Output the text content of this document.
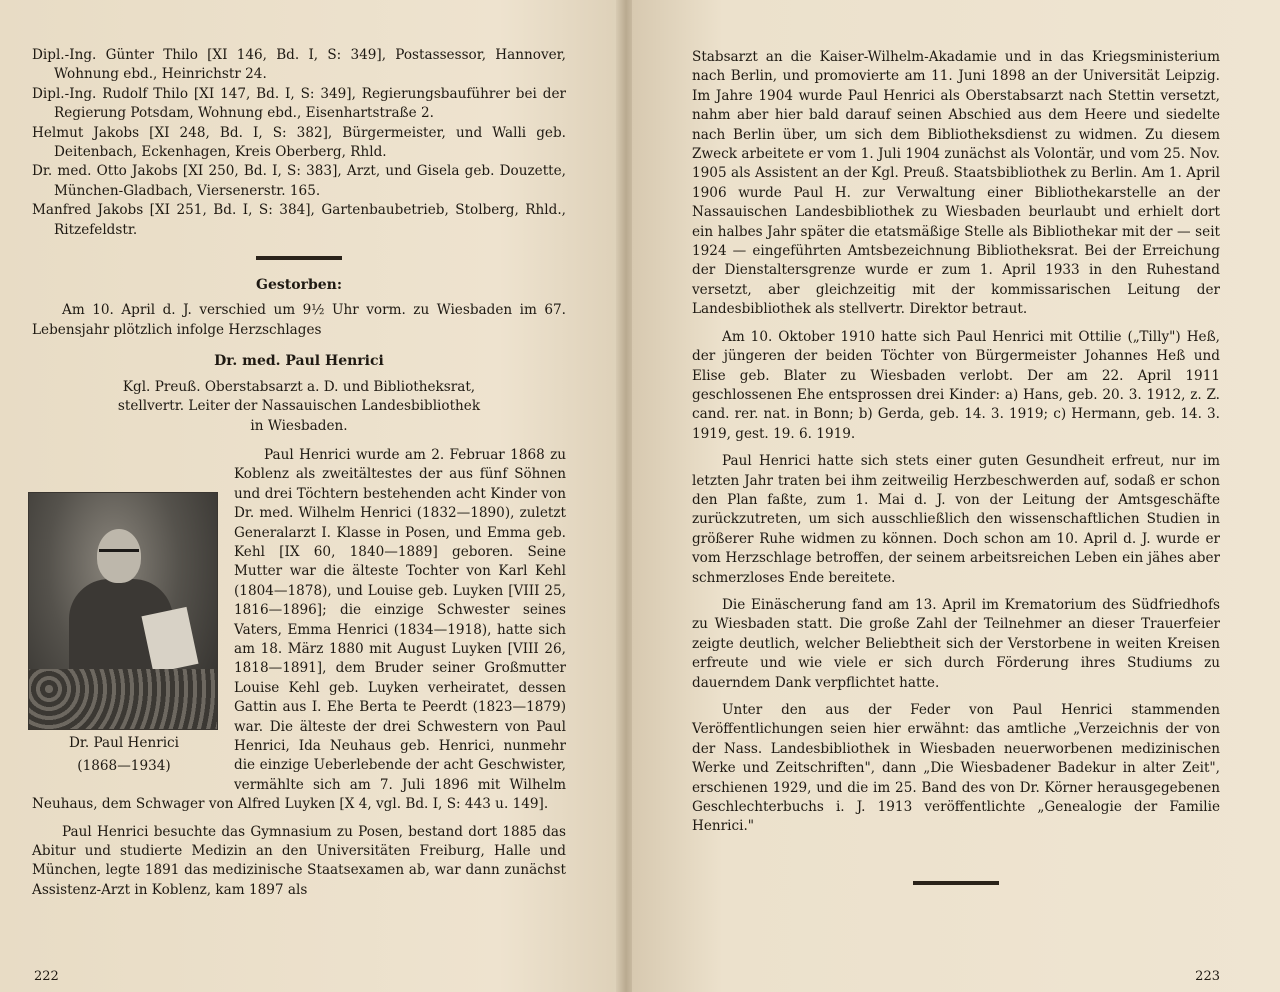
Dipl.-Ing. Günter Thilo [XI 146, Bd. I, S: 349], Postassessor, Hannover, Wohnung ebd., Heinrichstr 24.

Dipl.-Ing. Rudolf Thilo [XI 147, Bd. I, S: 349], Regierungsbauführer bei der Regierung Potsdam, Wohnung ebd., Eisenhartstraße 2.

Helmut Jakobs [XI 248, Bd. I, S: 382], Bürgermeister, und Walli geb. Deitenbach, Eckenhagen, Kreis Oberberg, Rhld.

Dr. med. Otto Jakobs [XI 250, Bd. I, S: 383], Arzt, und Gisela geb. Douzette, München-Gladbach, Viersenerstr. 165.

Manfred Jakobs [XI 251, Bd. I, S: 384], Gartenbaubetrieb, Stolberg, Rhld., Ritzefeldstr.

Gestorben:

Am 10. April d. J. verschied um 9½ Uhr vorm. zu Wiesbaden im 67. Lebensjahr plötzlich infolge Herzschlages

Dr. med. Paul Henrici

Kgl. Preuß. Oberstabsarzt a. D. und Bibliotheksrat,

stellvertr. Leiter der Nassauischen Landesbibliothek

in Wiesbaden.

Dr. Paul Henrici

(1868—1934)

Paul Henrici wurde am 2. Februar 1868 zu Koblenz als zweitältestes der aus fünf Söhnen und drei Töchtern bestehenden acht Kinder von Dr. med. Wilhelm Henrici (1832—1890), zuletzt Generalarzt I. Klasse in Posen, und Emma geb. Kehl [IX 60, 1840—1889] geboren. Seine Mutter war die älteste Tochter von Karl Kehl (1804—1878), und Louise geb. Luyken [VIII 25, 1816—1896]; die einzige Schwester seines Vaters, Emma Henrici (1834—1918), hatte sich am 18. März 1880 mit August Luyken [VIII 26, 1818—1891], dem Bruder seiner Großmutter Louise Kehl geb. Luyken verheiratet, dessen Gattin aus I. Ehe Berta te Peerdt (1823—1879) war. Die älteste der drei Schwestern von Paul Henrici, Ida Neuhaus geb. Henrici, nunmehr die einzige Ueberlebende der acht Geschwister, vermählte sich am 7. Juli 1896 mit Wilhelm Neuhaus, dem Schwager von Alfred Luyken [X 4, vgl. Bd. I, S: 443 u. 149].

Paul Henrici besuchte das Gymnasium zu Posen, bestand dort 1885 das Abitur und studierte Medizin an den Universitäten Freiburg, Halle und München, legte 1891 das medizinische Staatsexamen ab, war dann zunächst Assistenz-Arzt in Koblenz, kam 1897 als

222

Stabsarzt an die Kaiser-Wilhelm-Akadamie und in das Kriegsministerium nach Berlin, und promovierte am 11. Juni 1898 an der Universität Leipzig. Im Jahre 1904 wurde Paul Henrici als Oberstabsarzt nach Stettin versetzt, nahm aber hier bald darauf seinen Abschied aus dem Heere und siedelte nach Berlin über, um sich dem Bibliotheksdienst zu widmen. Zu diesem Zweck arbeitete er vom 1. Juli 1904 zunächst als Volontär, und vom 25. Nov. 1905 als Assistent an der Kgl. Preuß. Staatsbibliothek zu Berlin. Am 1. April 1906 wurde Paul H. zur Verwaltung einer Bibliothekarstelle an der Nassauischen Landesbibliothek zu Wiesbaden beurlaubt und erhielt dort ein halbes Jahr später die etatsmäßige Stelle als Bibliothekar mit der — seit 1924 — eingeführten Amtsbezeichnung Bibliotheksrat. Bei der Erreichung der Dienstaltersgrenze wurde er zum 1. April 1933 in den Ruhestand versetzt, aber gleichzeitig mit der kommissarischen Leitung der Landesbibliothek als stellvertr. Direktor betraut.

Am 10. Oktober 1910 hatte sich Paul Henrici mit Ottilie („Tilly") Heß, der jüngeren der beiden Töchter von Bürgermeister Johannes Heß und Elise geb. Blater zu Wiesbaden verlobt. Der am 22. April 1911 geschlossenen Ehe entsprossen drei Kinder: a) Hans, geb. 20. 3. 1912, z. Z. cand. rer. nat. in Bonn; b) Gerda, geb. 14. 3. 1919; c) Hermann, geb. 14. 3. 1919, gest. 19. 6. 1919.

Paul Henrici hatte sich stets einer guten Gesundheit erfreut, nur im letzten Jahr traten bei ihm zeitweilig Herzbeschwerden auf, sodaß er schon den Plan faßte, zum 1. Mai d. J. von der Leitung der Amtsgeschäfte zurückzutreten, um sich ausschließlich den wissenschaftlichen Studien in größerer Ruhe widmen zu können. Doch schon am 10. April d. J. wurde er vom Herzschlage betroffen, der seinem arbeitsreichen Leben ein jähes aber schmerzloses Ende bereitete.

Die Einäscherung fand am 13. April im Krematorium des Südfriedhofs zu Wiesbaden statt. Die große Zahl der Teilnehmer an dieser Trauerfeier zeigte deutlich, welcher Beliebtheit sich der Verstorbene in weiten Kreisen erfreute und wie viele er sich durch Förderung ihres Studiums zu dauerndem Dank verpflichtet hatte.

Unter den aus der Feder von Paul Henrici stammenden Veröffentlichungen seien hier erwähnt: das amtliche „Verzeichnis der von der Nass. Landesbibliothek in Wiesbaden neuerworbenen medizinischen Werke und Zeitschriften", dann „Die Wiesbadener Badekur in alter Zeit", erschienen 1929, und die im 25. Band des von Dr. Körner herausgegebenen Geschlechterbuchs i. J. 1913 veröffentlichte „Genealogie der Familie Henrici."

223
